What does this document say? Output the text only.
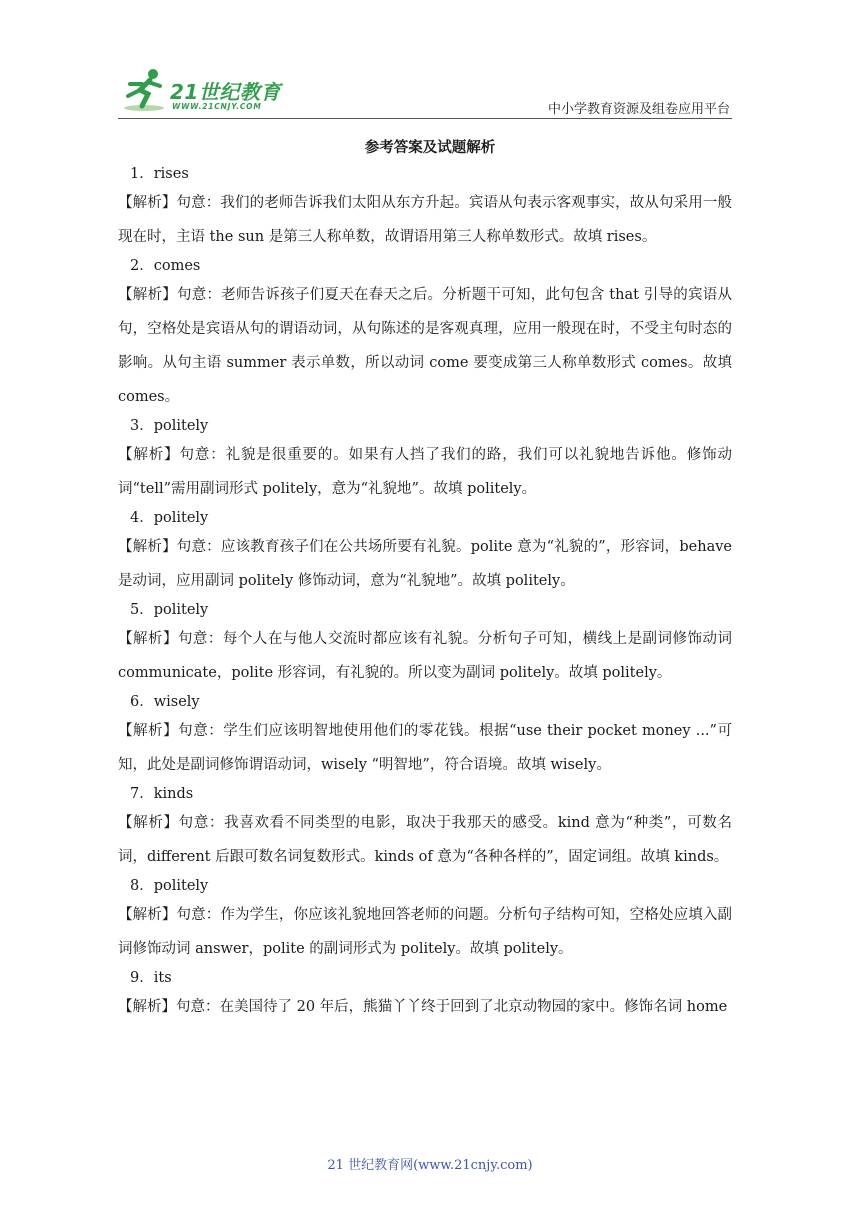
21世纪教育
WWW.21CNJY.COM	中小学教育资源及组卷应用平台
参考答案及试题解析
1．rises
【解析】句意：我们的老师告诉我们太阳从东方升起。宾语从句表示客观事实，故从句采用一般现在时，主语 the sun 是第三人称单数，故谓语用第三人称单数形式。故填 rises。
2．comes
【解析】句意：老师告诉孩子们夏天在春天之后。分析题干可知，此句包含 that 引导的宾语从句，空格处是宾语从句的谓语动词，从句陈述的是客观真理，应用一般现在时，不受主句时态的影响。从句主语 summer 表示单数，所以动词 come 要变成第三人称单数形式 comes。故填 comes。
3．politely
【解析】句意：礼貌是很重要的。如果有人挡了我们的路，我们可以礼貌地告诉他。修饰动词“tell”需用副词形式 politely，意为“礼貌地”。故填 politely。
4．politely
【解析】句意：应该教育孩子们在公共场所要有礼貌。polite 意为“礼貌的”，形容词，behave 是动词，应用副词 politely 修饰动词，意为“礼貌地”。故填 politely。
5．politely
【解析】句意：每个人在与他人交流时都应该有礼貌。分析句子可知，横线上是副词修饰动词 communicate，polite 形容词，有礼貌的。所以变为副词 politely。故填 politely。
6．wisely
【解析】句意：学生们应该明智地使用他们的零花钱。根据“use their pocket money ...”可知，此处是副词修饰谓语动词，wisely “明智地”，符合语境。故填 wisely。
7．kinds
【解析】句意：我喜欢看不同类型的电影，取决于我那天的感受。kind 意为“种类”，可数名词，different 后跟可数名词复数形式。kinds of 意为“各种各样的”，固定词组。故填 kinds。
8．politely
【解析】句意：作为学生，你应该礼貌地回答老师的问题。分析句子结构可知，空格处应填入副词修饰动词 answer，polite 的副词形式为 politely。故填 politely。
9．its
【解析】句意：在美国待了 20 年后，熊猫丫丫终于回到了北京动物园的家中。修饰名词 home
21 世纪教育网(www.21cnjy.com)
